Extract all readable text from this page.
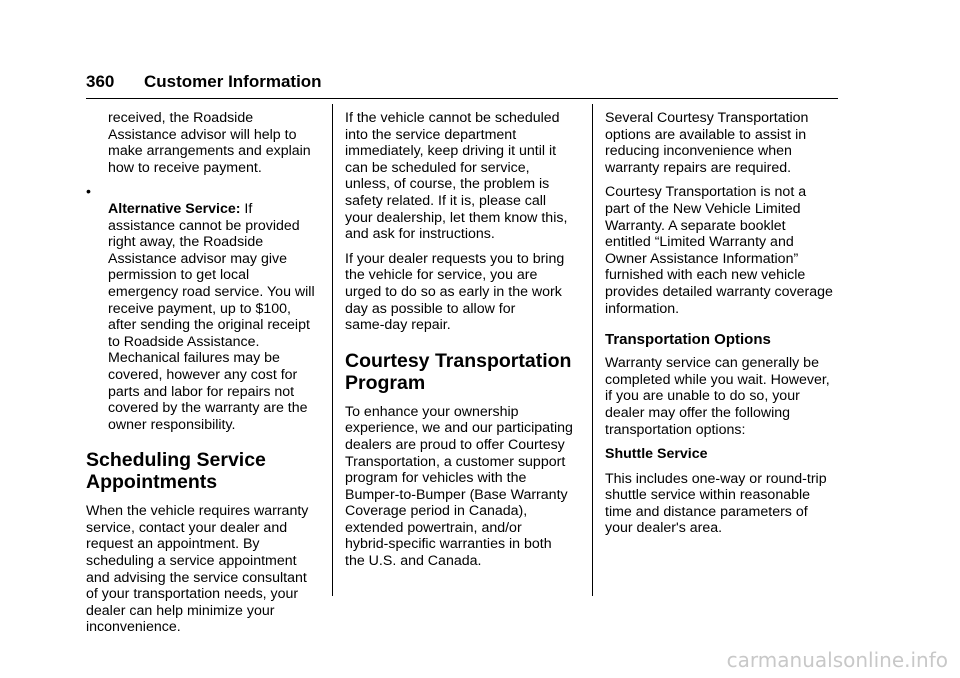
360 Customer Information

received, the Roadside
Assistance advisor will help to
make arrangements and explain
how to receive payment.

•
Alternative Service: If
assistance cannot be provided
right away, the Roadside
Assistance advisor may give
permission to get local
emergency road service. You will
receive payment, up to $100,
after sending the original receipt
to Roadside Assistance.
Mechanical failures may be
covered, however any cost for
parts and labor for repairs not
covered by the warranty are the
owner responsibility.

Scheduling Service
Appointments

When the vehicle requires warranty
service, contact your dealer and
request an appointment. By
scheduling a service appointment
and advising the service consultant
of your transportation needs, your
dealer can help minimize your
inconvenience.

If the vehicle cannot be scheduled
into the service department
immediately, keep driving it until it
can be scheduled for service,
unless, of course, the problem is
safety related. If it is, please call
your dealership, let them know this,
and ask for instructions.

If your dealer requests you to bring
the vehicle for service, you are
urged to do so as early in the work
day as possible to allow for
same-day repair.

Courtesy Transportation
Program

To enhance your ownership
experience, we and our participating
dealers are proud to offer Courtesy
Transportation, a customer support
program for vehicles with the
Bumper-to-Bumper (Base Warranty
Coverage period in Canada),
extended powertrain, and/or
hybrid-specific warranties in both
the U.S. and Canada.

Several Courtesy Transportation
options are available to assist in
reducing inconvenience when
warranty repairs are required.

Courtesy Transportation is not a
part of the New Vehicle Limited
Warranty. A separate booklet
entitled “Limited Warranty and
Owner Assistance Information”
furnished with each new vehicle
provides detailed warranty coverage
information.

Transportation Options

Warranty service can generally be
completed while you wait. However,
if you are unable to do so, your
dealer may offer the following
transportation options:

Shuttle Service

This includes one-way or round-trip
shuttle service within reasonable
time and distance parameters of
your dealer's area.

carmanualsonline.info
